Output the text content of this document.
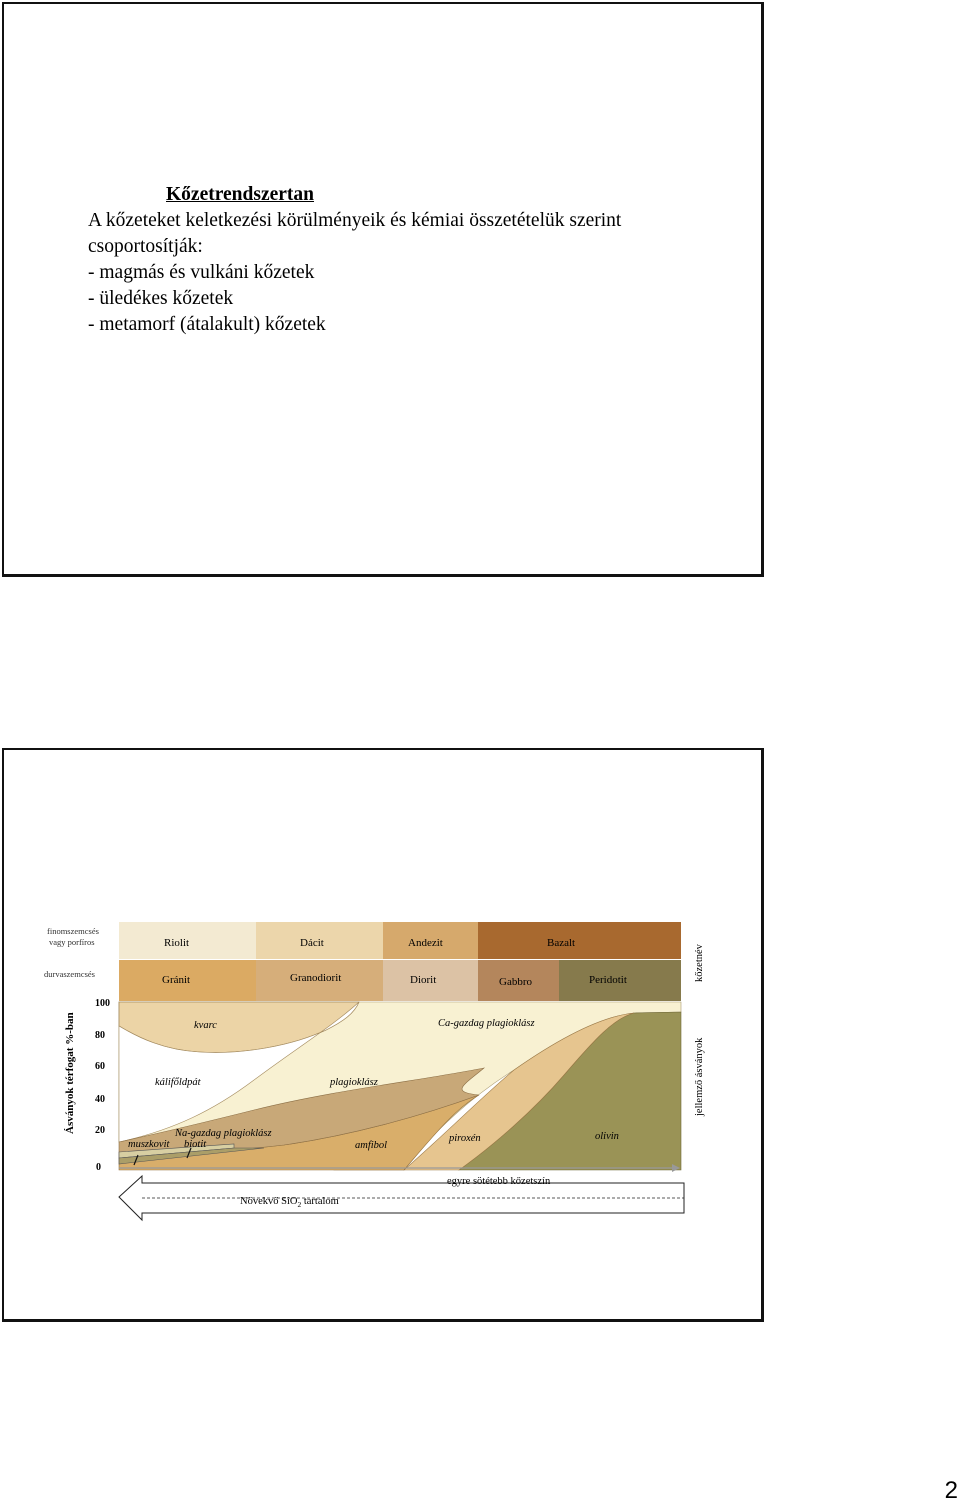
Kőzetrendszertan
A kőzeteket keletkezési körülményeik és kémiai összetételük szerint
csoportosítják:
- magmás és vulkáni kőzetek
- üledékes kőzetek
- metamorf (átalakult) kőzetek
finomszemcsés
vagy porfíros
durvaszemcsés
Riolit	Dácit	Andezit	Bazalt
Gránit	Granodiorit	Diorit	Gabbro	Peridotit
Ásványok térfogat %-ban
100
80
60
40
20
0
kvarc	Ca-gazdag plagioklász
kálifőldpát	plagioklász
Na-gazdag plagioklász
muszkovit biotit	amfibol
piroxén	olivin
kőzetnév
jellemző ásványok
egyre sötétebb kőzetszín
Növekvő SiO$_2$ tartalom
2
